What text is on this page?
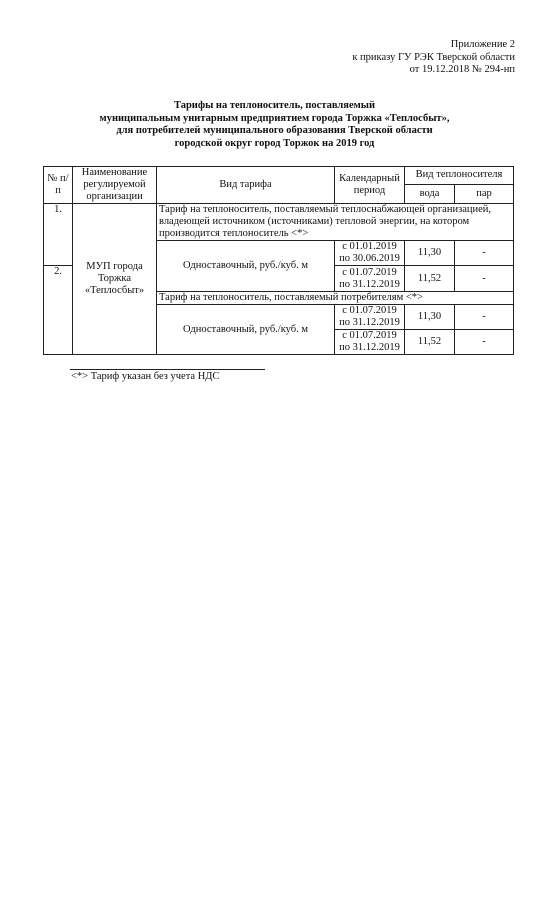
Приложение 2
к приказу ГУ РЭК Тверской области
от 19.12.2018 № 294-нп
Тарифы на теплоноситель, поставляемый
муниципальным унитарным предприятием города Торжка «Теплосбыт»,
для потребителей муниципального образования Тверской области
городской округ город Торжок на 2019 год
№ п/п	Наименование регулируемой организации	Вид тарифа	Календарный период	Вид теплоносителя	
				вода	пар
1.	МУП города Торжка «Теплосбыт»	Тариф на теплоноситель, поставляемый теплоснабжающей организацией, владеющей источником (источниками) тепловой энергии, на котором производится теплоноситель <*>			
		Одноставочный, руб./куб. м	с 01.01.2019 по 30.06.2019	11,30	-

2.			с 01.07.2019 по 31.12.2019	11,52	-
		Тариф на теплоноситель, поставляемый потребителям <*>			
		Одноставочный, руб./куб. м	с 01.07.2019 по 31.12.2019	11,30	-
			с 01.07.2019 по 31.12.2019	11,52	-
<*> Тариф указан без учета НДС
